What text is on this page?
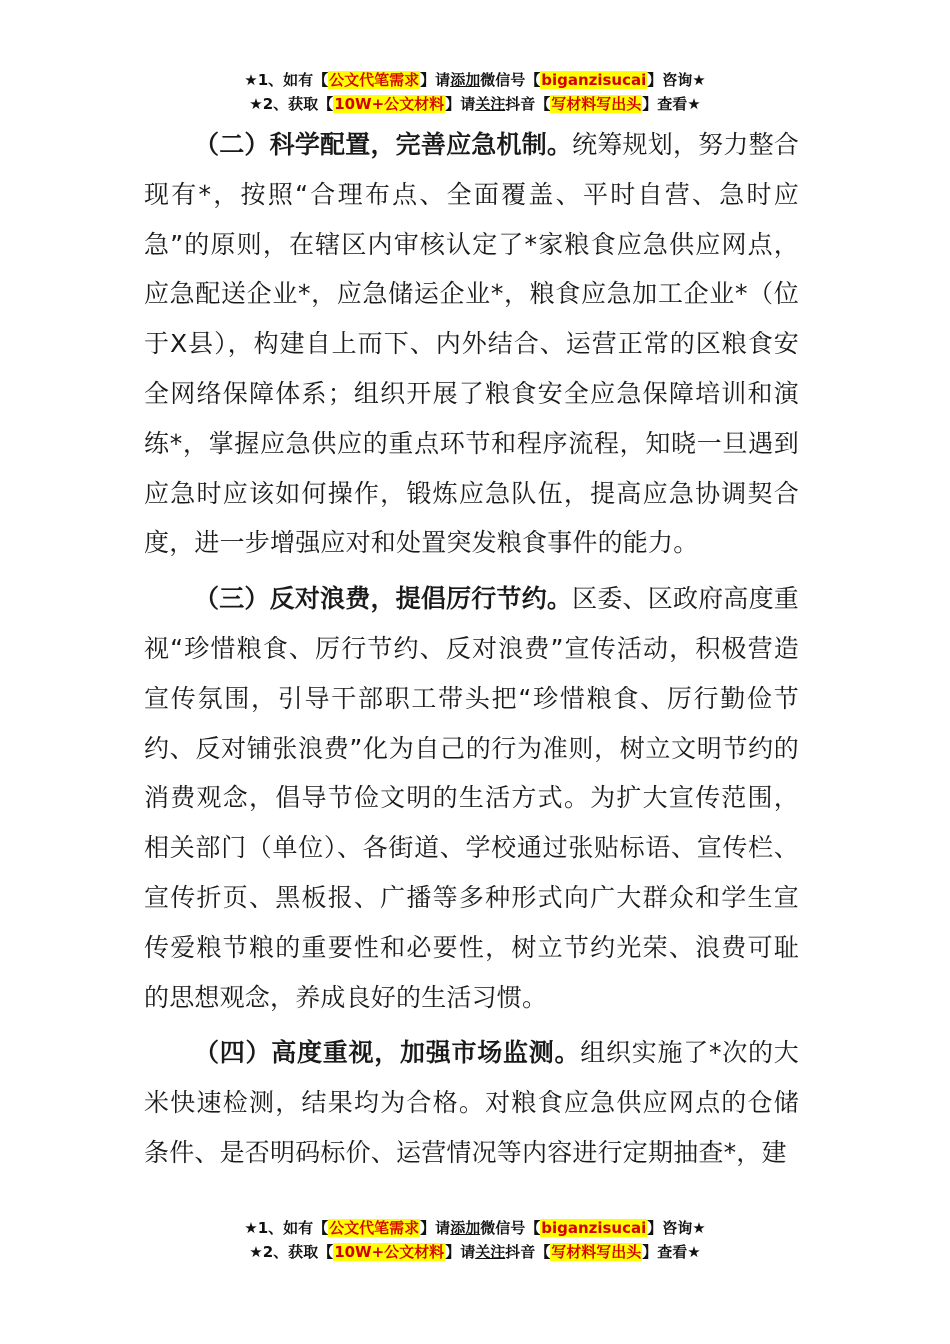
★1、如有【公文代笔需求】请添加微信号【biganzisucai】咨询★
★2、获取【10W+公文材料】请关注抖音【写材料写出头】查看★

（二）科学配置，完善应急机制。统筹规划，努力整合现有*，按照“合理布点、全面覆盖、平时自营、急时应急”的原则，在辖区内审核认定了*家粮食应急供应网点，应急配送企业*，应急储运企业*，粮食应急加工企业*（位于X县），构建自上而下、内外结合、运营正常的区粮食安全网络保障体系；组织开展了粮食安全应急保障培训和演练*，掌握应急供应的重点环节和程序流程，知晓一旦遇到应急时应该如何操作，锻炼应急队伍，提高应急协调契合度，进一步增强应对和处置突发粮食事件的能力。

（三）反对浪费，提倡厉行节约。区委、区政府高度重视“珍惜粮食、厉行节约、反对浪费”宣传活动，积极营造宣传氛围，引导干部职工带头把“珍惜粮食、厉行勤俭节约、反对铺张浪费”化为自己的行为准则，树立文明节约的消费观念，倡导节俭文明的生活方式。为扩大宣传范围，相关部门（单位）、各街道、学校通过张贴标语、宣传栏、宣传折页、黑板报、广播等多种形式向广大群众和学生宣传爱粮节粮的重要性和必要性，树立节约光荣、浪费可耻的思想观念，养成良好的生活习惯。

（四）高度重视，加强市场监测。组织实施了*次的大米快速检测，结果均为合格。对粮食应急供应网点的仓储条件、是否明码标价、运营情况等内容进行定期抽查*，建

★1、如有【公文代笔需求】请添加微信号【biganzisucai】咨询★
★2、获取【10W+公文材料】请关注抖音【写材料写出头】查看★
